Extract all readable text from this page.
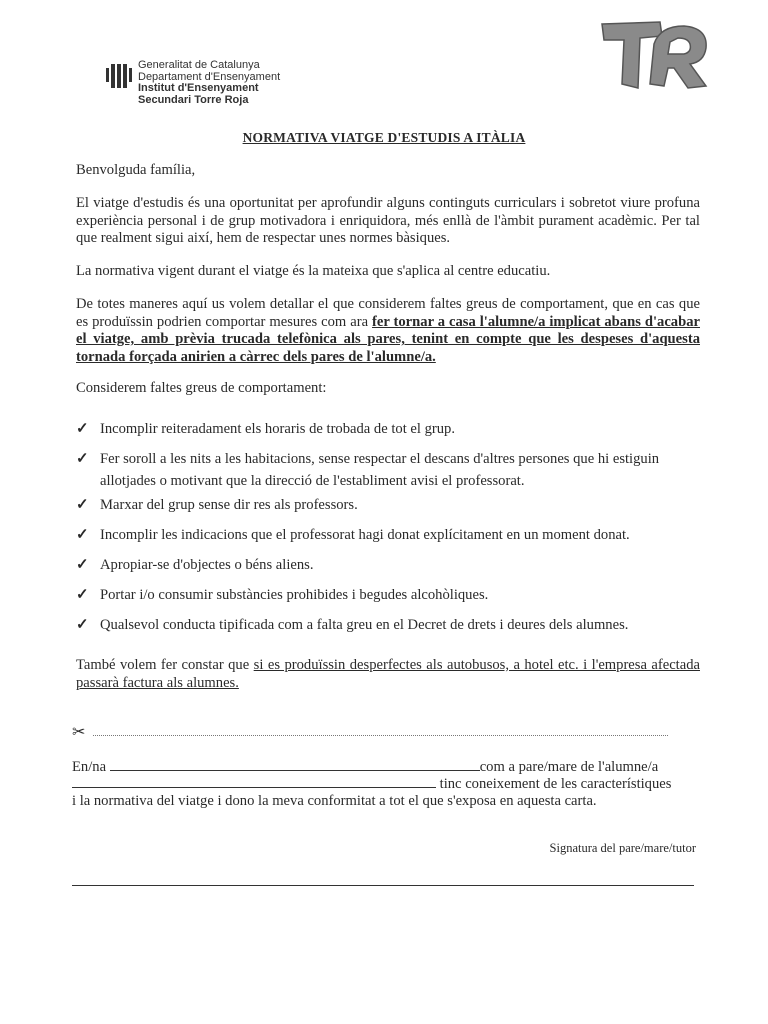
Generalitat de Catalunya
Departament d'Ensenyament
Institut d'Ensenyament
Secundari Torre Roja
NORMATIVA VIATGE D'ESTUDIS A ITÀLIA
Benvolguda família,
El viatge d'estudis és una oportunitat per aprofundir alguns continguts curriculars i sobretot viure profuna experiència personal i de grup motivadora i enriquidora, més enllà de l'àmbit purament acadèmic. Per tal que realment sigui així, hem de respectar unes normes bàsiques.
La normativa vigent durant el viatge és la mateixa que s'aplica al centre educatiu.
De totes maneres aquí us volem detallar el que considerem faltes greus de comportament, que en cas que es produïssin podrien comportar mesures com ara fer tornar a casa l'alumne/a implicat abans d'acabar el viatge, amb prèvia trucada telefònica als pares, tenint en compte que les despeses d'aquesta tornada forçada anirien a càrrec dels pares de l'alumne/a.
Considerem faltes greus de comportament:
✓ Incomplir reiteradament els horaris de trobada de tot el grup.
✓ Fer soroll a les nits a les habitacions, sense respectar el descans d'altres persones que hi estiguin allotjades o motivant que la direcció de l'establiment avisi el professorat.
✓ Marxar del grup sense dir res als professors.
✓ Incomplir les indicacions que el professorat hagi donat explícitament en un moment donat.
✓ Apropiar-se d'objectes o béns aliens.
✓ Portar i/o consumir substàncies prohibides i begudes alcohòliques.
✓ Qualsevol conducta tipificada com a falta greu en el Decret de drets i deures dels alumnes.
També volem fer constar que si es produïssin desperfectes als autobusos, a hotel etc. i l'empresa afectada passarà factura als alumnes.
✂
En/na	com a pare/mare de l'alumne/a
tinc coneixement de les característiques
i la normativa del viatge i dono la meva conformitat a tot el que s'exposa en aquesta carta.
Signatura del pare/mare/tutor
